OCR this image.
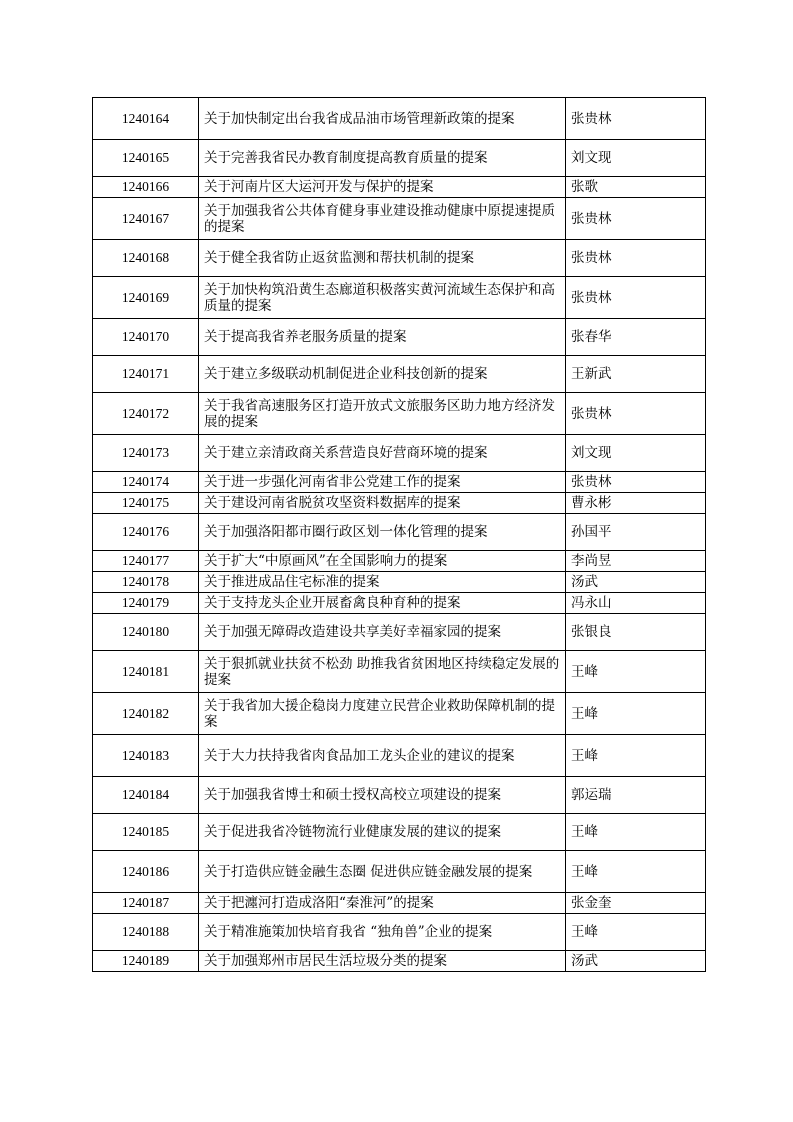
1240164	关于加快制定出台我省成品油市场管理新政策的提案	张贵林
1240165	关于完善我省民办教育制度提高教育质量的提案	刘文现
1240166	关于河南片区大运河开发与保护的提案	张歌
1240167	关于加强我省公共体育健身事业建设推动健康中原提速提质的提案	张贵林
1240168	关于健全我省防止返贫监测和帮扶机制的提案	张贵林
1240169	关于加快构筑沿黄生态廊道积极落实黄河流域生态保护和高质量的提案	张贵林
1240170	关于提高我省养老服务质量的提案	张春华
1240171	关于建立多级联动机制促进企业科技创新的提案	王新武
1240172	关于我省高速服务区打造开放式文旅服务区助力地方经济发展的提案	张贵林
1240173	关于建立亲清政商关系营造良好营商环境的提案	刘文现
1240174	关于进一步强化河南省非公党建工作的提案	张贵林
1240175	关于建设河南省脱贫攻坚资料数据库的提案	曹永彬
1240176	关于加强洛阳都市圈行政区划一体化管理的提案	孙国平
1240177	关于扩大“中原画风”在全国影响力的提案	李尚昱
1240178	关于推进成品住宅标准的提案	汤武
1240179	关于支持龙头企业开展畜禽良种育种的提案	冯永山
1240180	关于加强无障碍改造建设共享美好幸福家园的提案	张银良
1240181	关于狠抓就业扶贫不松劲 助推我省贫困地区持续稳定发展的提案	王峰
1240182	关于我省加大援企稳岗力度建立民营企业救助保障机制的提案	王峰
1240183	关于大力扶持我省肉食品加工龙头企业的建议的提案	王峰
1240184	关于加强我省博士和硕士授权高校立项建设的提案	郭运瑞
1240185	关于促进我省冷链物流行业健康发展的建议的提案	王峰
1240186	关于打造供应链金融生态圈 促进供应链金融发展的提案	王峰
1240187	关于把瀍河打造成洛阳“秦淮河”的提案	张金奎
1240188	关于精准施策加快培育我省 “独角兽”企业的提案	王峰
1240189	关于加强郑州市居民生活垃圾分类的提案	汤武
